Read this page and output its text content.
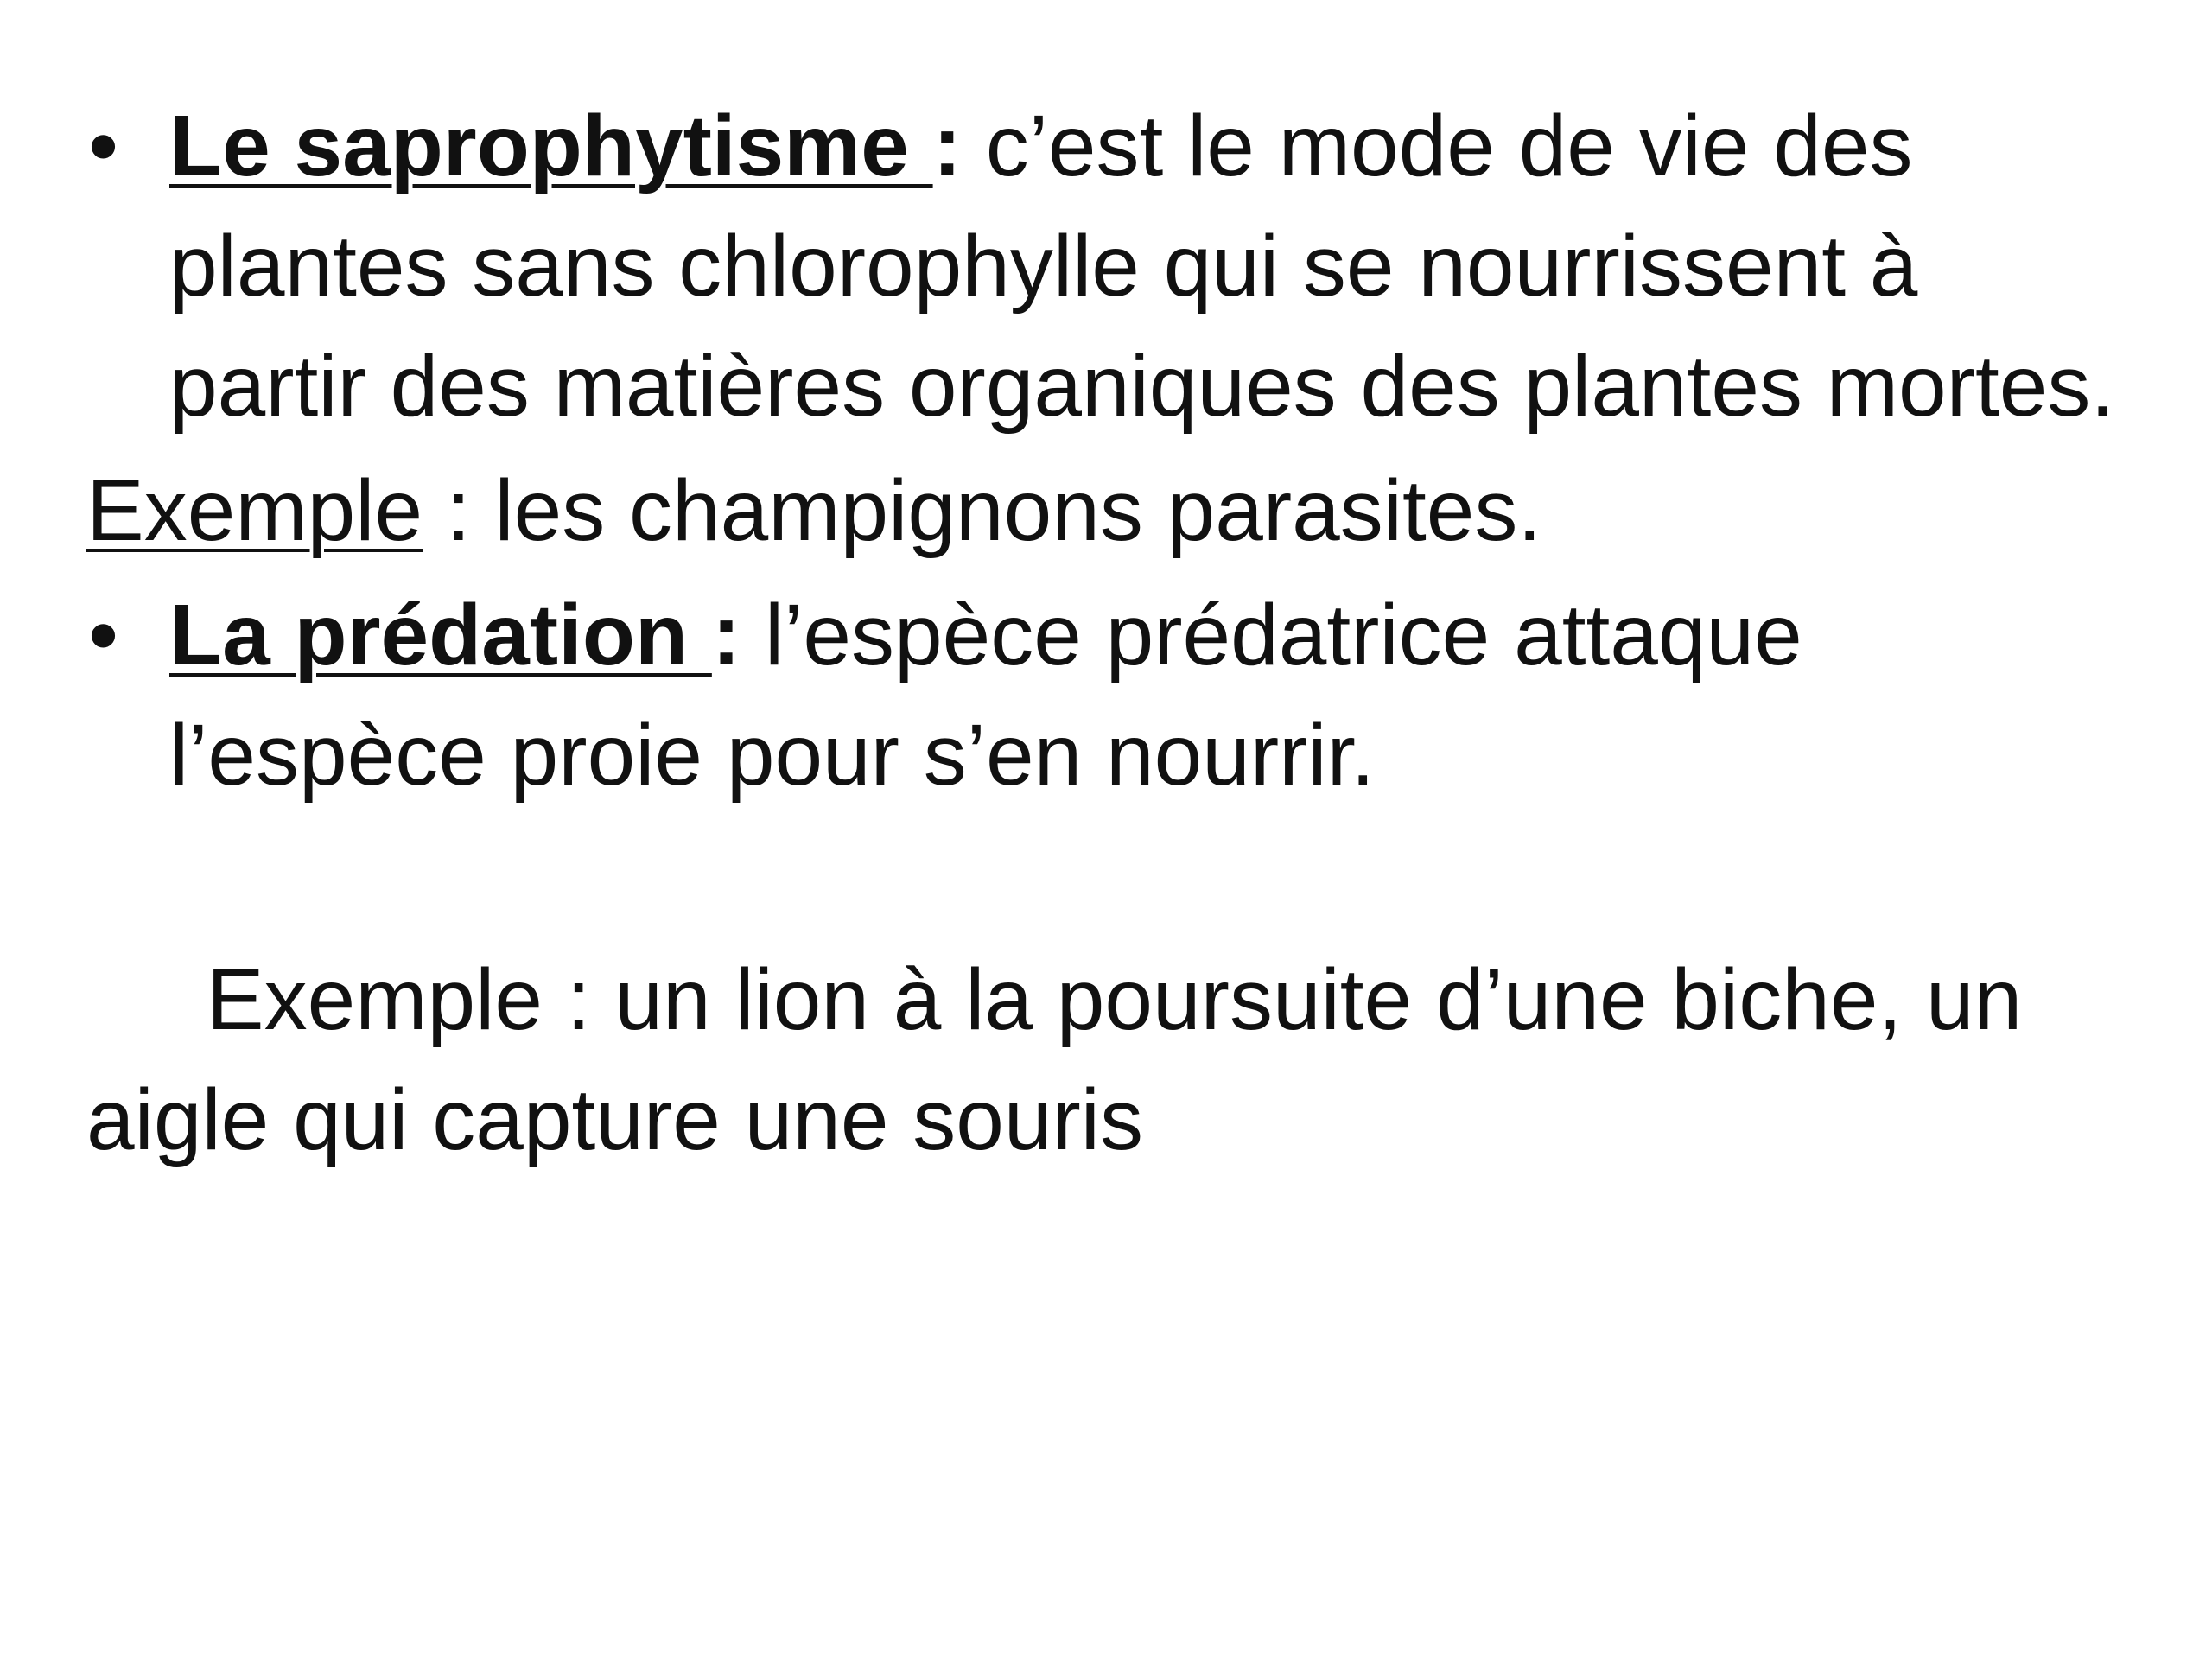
• Le saprophytisme : c’est le mode de vie des plantes sans chlorophylle qui se nourrissent à partir des matières organiques des plantes mortes.
Exemple : les champignons parasites.
• La prédation : l’espèce prédatrice attaque l’espèce proie pour s’en nourrir.

Exemple : un lion à la poursuite d’une biche, un aigle qui capture une souris
